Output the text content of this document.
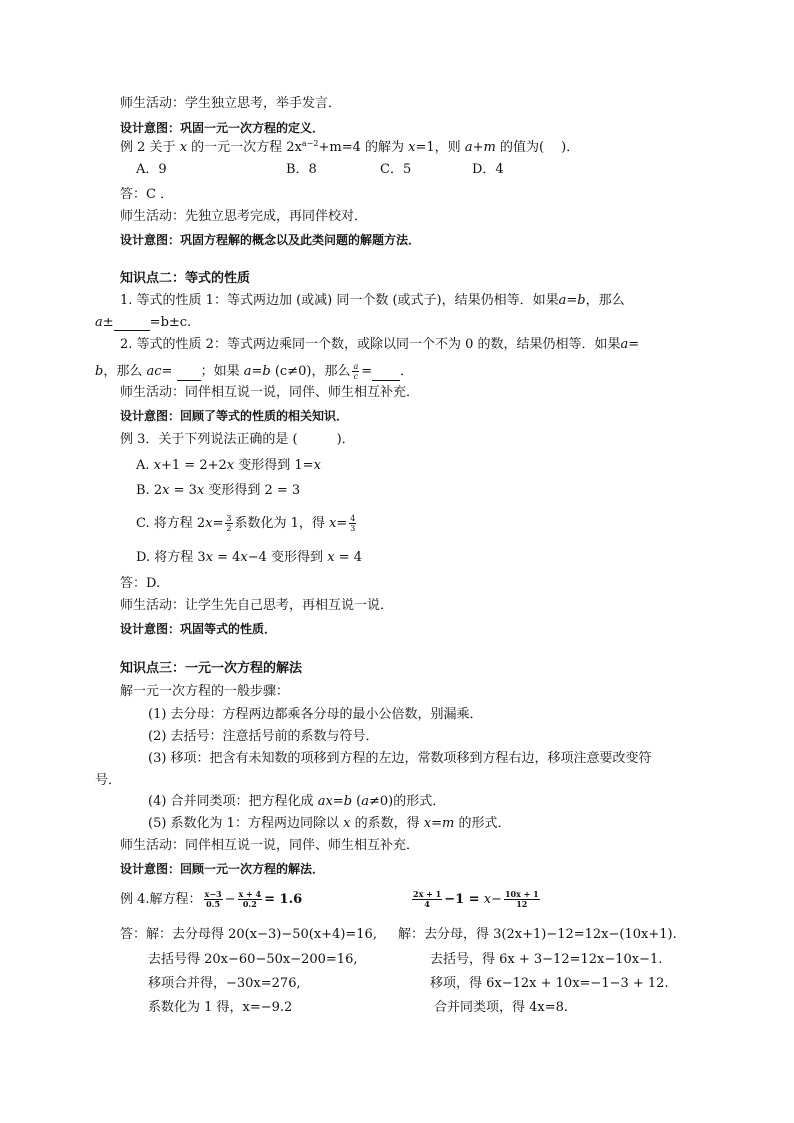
师生活动：学生独立思考，举手发言．
设计意图：巩固一元一次方程的定义．
例 2 关于 x 的一元一次方程 $2x^{a-2}+m=4$ 的解为 x=1，则 a+m 的值为(　 )．
A．9	B．8	C．5	D．4
答：C ．
师生活动：先独立思考完成，再同伴校对．
设计意图：巩固方程解的概念以及此类问题的解题方法．
知识点二：等式的性质
1. 等式的性质 1：等式两边加 (或减) 同一个数 (或式子)，结果仍相等．如果a=b，那么
a±	=b±c.
2. 等式的性质 2：等式两边乘同一个数，或除以同一个不为 0 的数，结果仍相等．如果a=
b，那么 ac= ；如果 a=b (c≠0)，那么 $\frac{a}{c}$ = ．
师生活动：同伴相互说一说，同伴、师生相互补充．
设计意图：回顾了等式的性质的相关知识．
例 3．关于下列说法正确的是 (　　　)．
A. x+1 = 2+2x 变形得到 1=x
B. 2x = 3x 变形得到 2 = 3
C. 将方程 $2x= \frac{3}{2}$ 系数化为 1，得 $x= \frac{4}{3}$
D. 将方程 3x = 4x−4 变形得到 x = 4
答：D.
师生活动：让学生先自己思考，再相互说一说．
设计意图：巩固等式的性质．
知识点三：一元一次方程的解法
解一元一次方程的一般步骤：
(1) 去分母：方程两边都乘各分母的最小公倍数，别漏乘．
(2) 去括号：注意括号前的系数与符号．
(3) 移项：把含有未知数的项移到方程的左边，常数项移到方程右边，移项注意要改变符
号．
(4) 合并同类项：把方程化成 ax=b (a≠0)的形式．
(5) 系数化为 1：方程两边同除以 x 的系数，得 x=m 的形式．
师生活动：同伴相互说一说，同伴、师生相互补充．
设计意图：回顾一元一次方程的解法．
例 4.解方程： $\frac{x-3}{0.5} - \frac{x + 4}{0.2} = 1.6$	$\frac{2x + 1}{4} -1 = x- \frac{10x + 1}{12}$
答：解：去分母得 20(x−3)−50(x+4)=16,
去括号得 20x−60−50x−200=16,
移项合并得，−30x=276,
系数化为 1 得，x=−9.2
解：去分母，得 3(2x+1)−12=12x−(10x+1).
去括号，得 6x + 3−12=12x−10x−1.
移项，得 6x−12x + 10x=−1−3 + 12.
合并同类项，得 4x=8.
